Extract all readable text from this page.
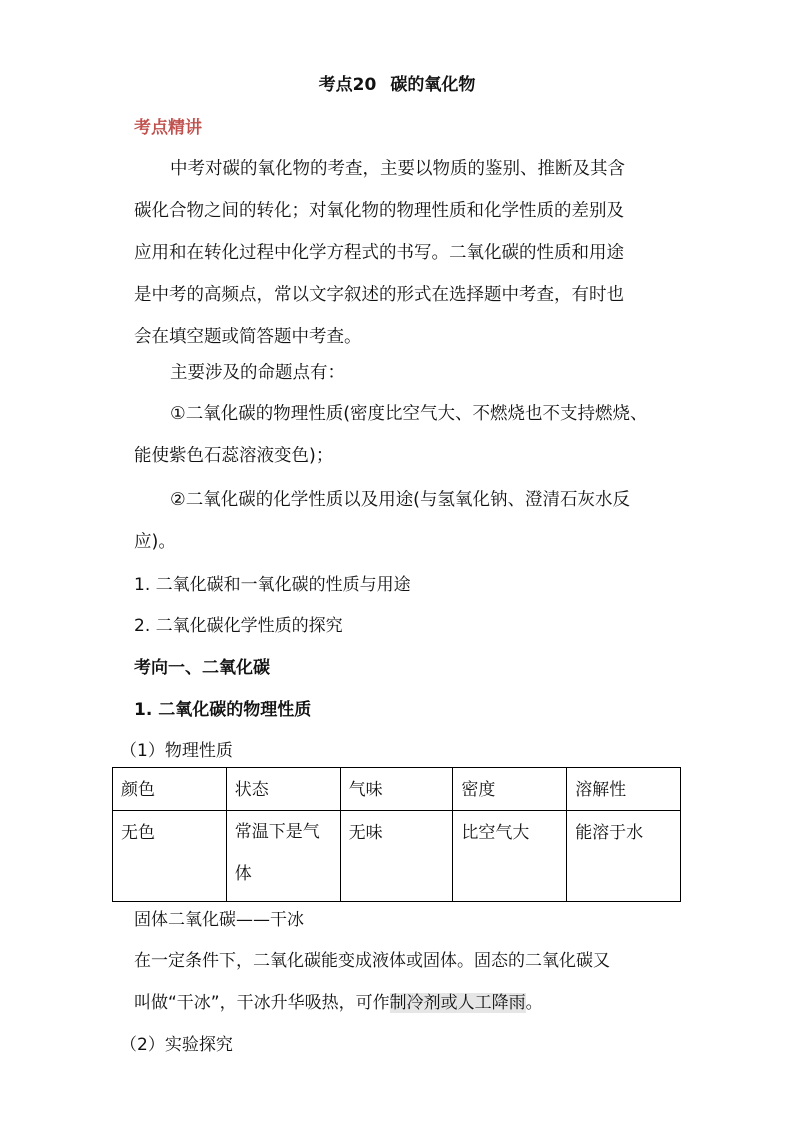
考点20 碳的氧化物
考点精讲
中考对碳的氧化物的考查，主要以物质的鉴别、推断及其含
碳化合物之间的转化；对氧化物的物理性质和化学性质的差别及
应用和在转化过程中化学方程式的书写。二氧化碳的性质和用途
是中考的高频点，常以文字叙述的形式在选择题中考查，有时也
会在填空题或简答题中考查。
主要涉及的命题点有：
①二氧化碳的物理性质(密度比空气大、不燃烧也不支持燃烧、
能使紫色石蕊溶液变色)；
②二氧化碳的化学性质以及用途(与氢氧化钠、澄清石灰水反
应)。
1. 二氧化碳和一氧化碳的性质与用途
2. 二氧化碳化学性质的探究
考向一、二氧化碳
1. 二氧化碳的物理性质
（1）物理性质
颜色	状态	气味	密度	溶解性
无色	常温下是气体	无味	比空气大	能溶于水
固体二氧化碳——干冰
在一定条件下，二氧化碳能变成液体或固体。固态的二氧化碳又
叫做“干冰”，干冰升华吸热，可作制冷剂或人工降雨。
（2）实验探究
